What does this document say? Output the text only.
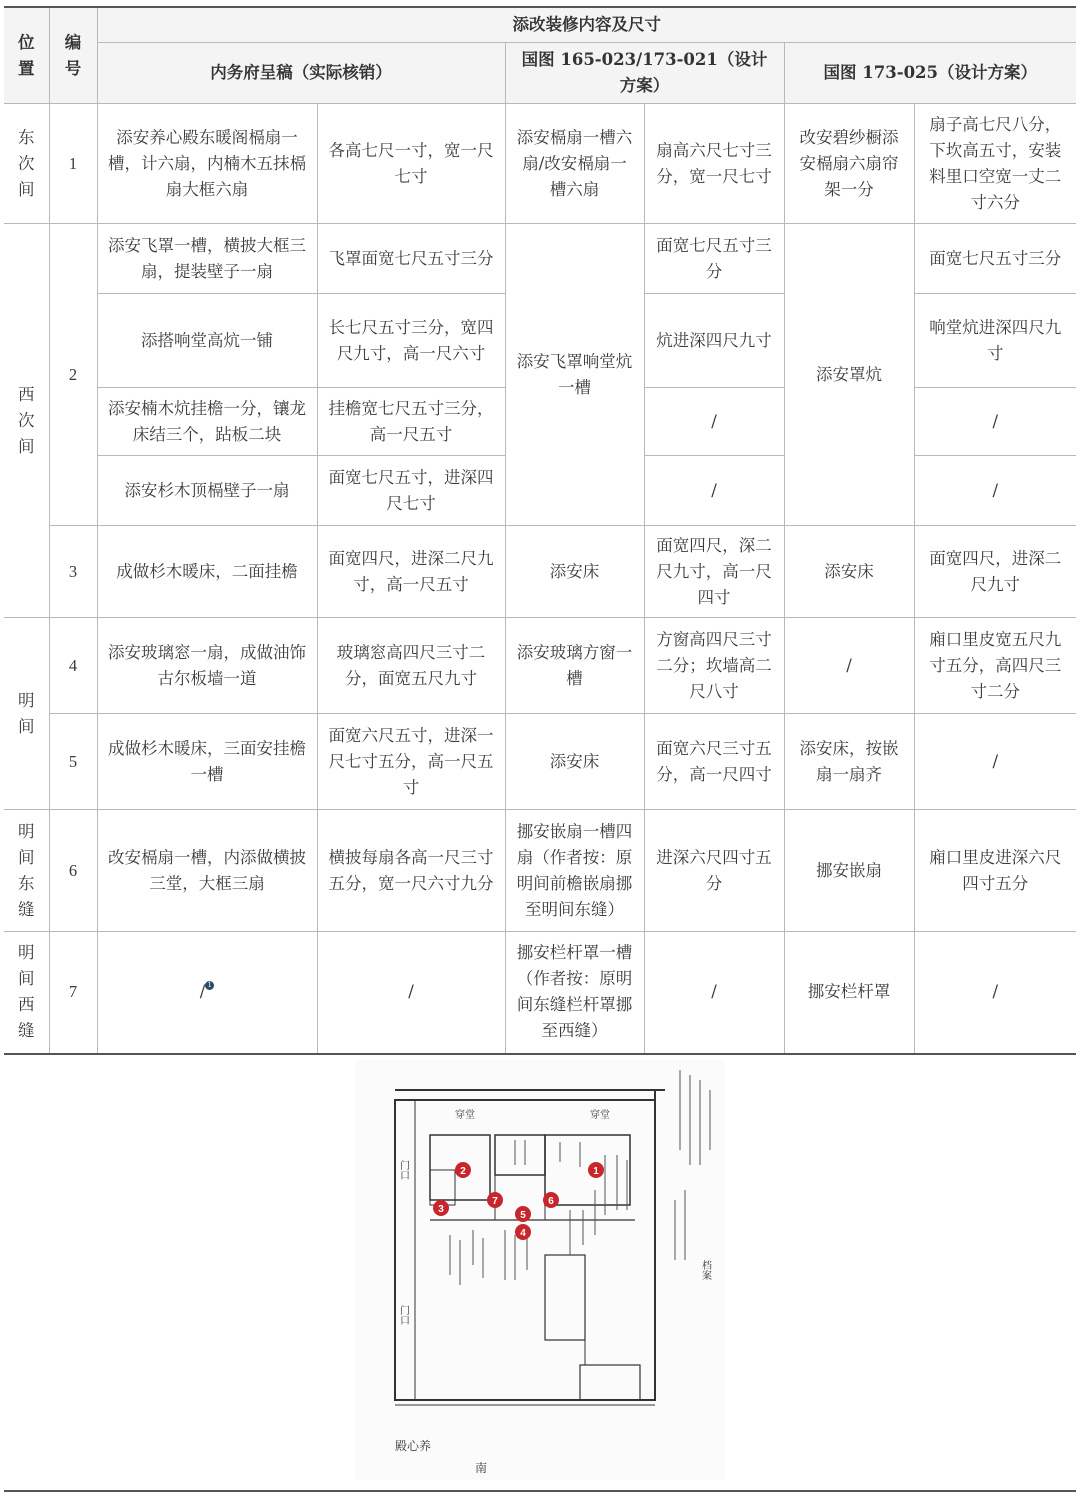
位置	编号	添改装修内容及尺寸					
		内务府呈稿（实际核销）		国图 165-023/173-021（设计方案）		国图 173-025（设计方案）	
东次间	1	添安养心殿东暖阁槅扇一槽，计六扇，内楠木五抹槅扇大框六扇	各高七尺一寸，宽一尺七寸	添安槅扇一槽六扇/改安槅扇一槽六扇	扇高六尺七寸三分，宽一尺七寸	改安碧纱橱添安槅扇六扇帘架一分	扇子高七尺八分，下坎高五寸，安装料里口空宽一丈二寸六分
西次间	2	添安飞罩一槽，横披大框三扇，提装壁子一扇	飞罩面宽七尺五寸三分	添安飞罩响堂炕一槽	面宽七尺五寸三分	添安罩炕	面宽七尺五寸三分
		添搭响堂高炕一铺	长七尺五寸三分，宽四尺九寸，高一尺六寸		炕进深四尺九寸		响堂炕进深四尺九寸
		添安楠木炕挂檐一分，镶龙床结三个，跕板二块	挂檐宽七尺五寸三分，高一尺五寸		/		/
		添安杉木顶槅壁子一扇	面宽七尺五寸，进深四尺七寸		/		/
	3	成做杉木暖床，二面挂檐	面宽四尺，进深二尺九寸，高一尺五寸	添安床	面宽四尺，深二尺九寸，高一尺四寸	添安床	面宽四尺，进深二尺九寸
明间	4	添安玻璃窓一扇，成做油饰古尔板墙一道	玻璃窓高四尺三寸二分，面宽五尺九寸	添安玻璃方窗一槽	方窗高四尺三寸二分；坎墙高二尺八寸	/	廂口里皮宽五尺九寸五分，高四尺三寸二分
	5	成做杉木暖床，三面安挂檐一槽	面宽六尺五寸，进深一尺七寸五分，高一尺五寸	添安床	面宽六尺三寸五分，高一尺四寸	添安床，按嵌扇一扇齐	/
明间东缝	6	改安槅扇一槽，内添做横披三堂，大框三扇	横披每扇各高一尺三寸五分，宽一尺六寸九分	挪安嵌扇一槽四扇（作者按：原明间前檐嵌扇挪至明间东缝）	进深六尺四寸五分	挪安嵌扇	廂口里皮进深六尺四寸五分
明间西缝	7	/ 1	/	挪安栏杆罩一槽（作者按：原明间东缝栏杆罩挪至西缝）	/	挪安栏杆罩	/
穿堂	穿堂
门口
门口
档案
殿心养
南
1
2
3
4
5
6
7
